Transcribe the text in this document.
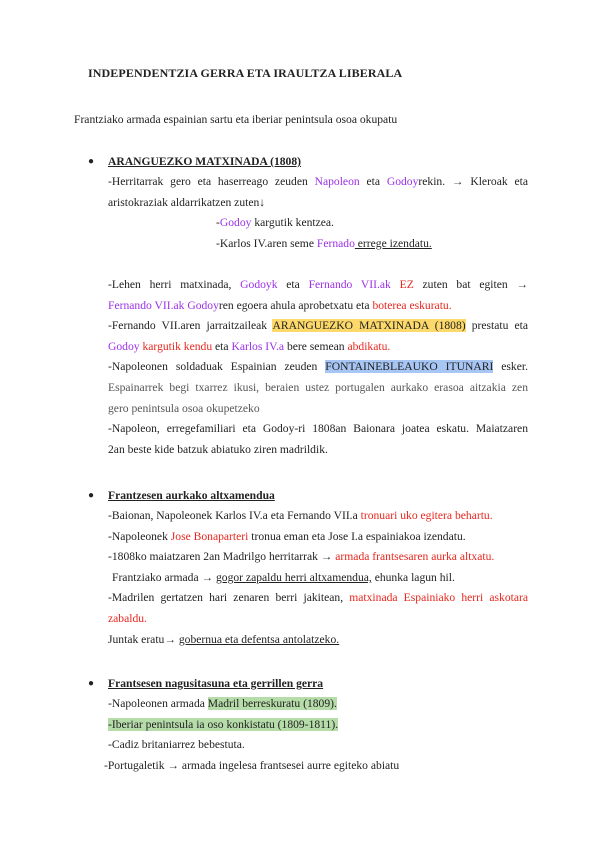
INDEPENDENTZIA GERRA ETA IRAULTZA LIBERALA
Frantziako armada espainian sartu eta iberiar penintsula osoa okupatu
● ARANGUEZKO MATXINADA (1808)
-Herritarrak gero eta haserreago zeuden Napoleon eta Godoyrekin. → Kleroak eta
aristokraziak aldarrikatzen zuten↓
-Godoy kargutik kentzea.
-Karlos IV.aren seme Fernado errege izendatu.
-Lehen herri matxinada, Godoyk eta Fernando VII.ak EZ zuten bat egiten →
Fernando VII.ak Godoyren egoera ahula aprobetxatu eta boterea eskuratu.
-Fernando VII.aren jarraitzaileak ARANGUEZKO MATXINADA (1808) prestatu eta
Godoy kargutik kendu eta Karlos IV.a bere semean abdikatu.
-Napoleonen soldaduak Espainian zeuden FONTAINEBLEAUKO ITUNARI esker.
Espainarrek begi txarrez ikusi, beraien ustez portugalen aurkako erasoa aitzakia zen
gero penintsula osoa okupetzeko
-Napoleon, erregefamiliari eta Godoy-ri 1808an Baionara joatea eskatu. Maiatzaren
2an beste kide batzuk abiatuko ziren madrildik.
● Frantzesen aurkako altxamendua
-Baionan, Napoleonek Karlos IV.a eta Fernando VII.a tronuari uko egitera behartu.
-Napoleonek Jose Bonaparteri tronua eman eta Jose I.a espainiakoa izendatu.
-1808ko maiatzaren 2an Madrilgo herritarrak → armada frantsesaren aurka altxatu.
Frantziako armada → gogor zapaldu herri altxamendua, ehunka lagun hil.
-Madrilen gertatzen hari zenaren berri jakitean, matxinada Espainiako herri askotara
zabaldu.
Juntak eratu→ gobernua eta defentsa antolatzeko.
● Frantsesen nagusitasuna eta gerrillen gerra
-Napoleonen armada Madril berreskuratu (1809).
-Iberiar penintsula ia oso konkistatu (1809-1811).
-Cadiz britaniarrez bebestuta.
-Portugaletik → armada ingelesa frantsesei aurre egiteko abiatu
